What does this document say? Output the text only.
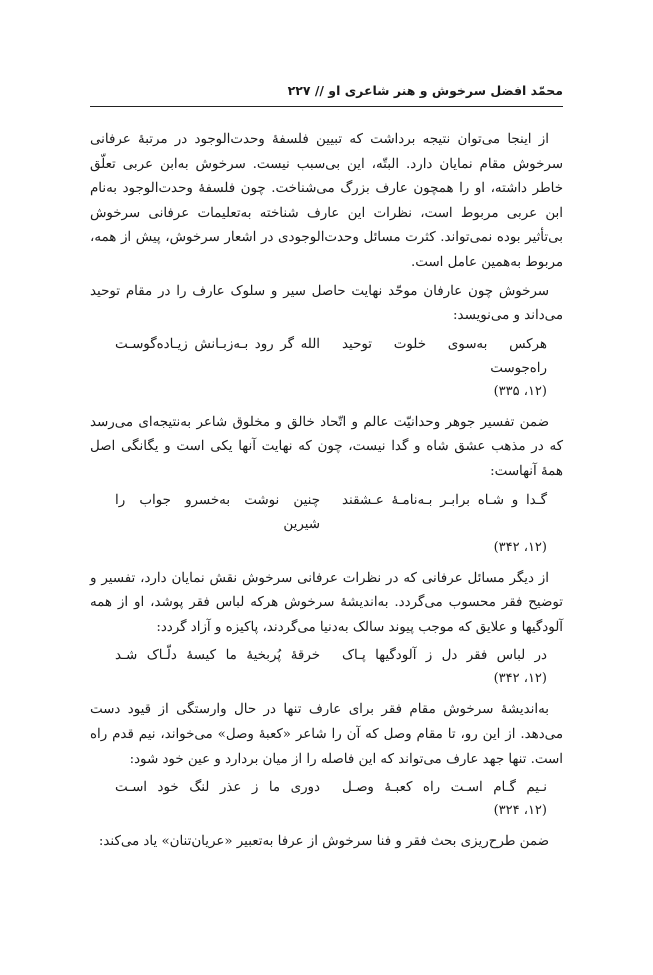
محمّد افضل سرخوش و هنر شاعری او // ۲۲۷

از اینجا می‌توان نتیجه برداشت که تبیین فلسفهٔ وحدت‌الوجود در مرتبهٔ عرفانی سرخوش مقام نمایان دارد. البتّه، این بی‌سبب نیست. سرخوش به‌ابن عربی تعلّق خاطر داشته، او را همچون عارف بزرگ می‌شناخت. چون فلسفهٔ وحدت‌الوجود به‌نام ابن عربی مربوط است، نظرات این عارف شناخته به‌تعلیمات عرفانی سرخوش بی‌تأثیر بوده نمی‌تواند. کثرت مسائل وحدت‌الوجودی در اشعار سرخوش، پیش از همه، مربوط به‌همین عامل است.

سرخوش چون عارفان موحّد نهایت حاصل سیر و سلوک عارف را در مقام توحید می‌داند و می‌نویسد:

هرکس به‌سوی خلوت توحید راه‌جوست
الله گر رود بـه‌زبـانش زیـاده‌گوسـت
(۱۲، ۳۳۵)

ضمن تفسیر جوهر وحدانیّت عالم و اتّحاد خالق و مخلوق شاعر به‌نتیجه‌ای می‌رسد که در مذهب عشق شاه و گدا نیست، چون که نهایت آنها یکی است و یگانگی اصل همهٔ آنهاست:

گـدا و شـاه برابـر بـه‌نامـهٔ عـشقند
چنین نوشت به‌خسرو جواب را شیرین
(۱۲، ۳۴۲)

از دیگر مسائل عرفانی که در نظرات عرفانی سرخوش نقش نمایان دارد، تفسیر و توضیح فقر محسوب می‌گردد. به‌اندیشهٔ سرخوش هرکه لباس فقر پوشد، او از همه آلودگیها و علایق که موجب پیوند سالک به‌دنیا می‌گردند، پاکیزه و آزاد گردد:

در لباس فقر دل ز آلودگیها پـاک
خرقهٔ پُربخیهٔ ما کیسهٔ دلّـاک شـد
(۱۲، ۳۴۲)

به‌اندیشهٔ سرخوش مقام فقر برای عارف تنها در حال وارستگی از قیود دست می‌دهد. از این رو، تا مقام وصل که آن را شاعر «کعبهٔ وصل» می‌خواند، نیم قدم راه است. تنها جهد عارف می‌تواند که این فاصله را از میان بردارد و عین خود شود:

نـیم گـام اسـت راه کعبـهٔ وصـل
دوری ما ز عذر لنگ خود اسـت
(۱۲، ۳۲۴)

ضمن طرح‌ریزی بحث فقر و فنا سرخوش از عرفا به‌تعبیر «عریان‌تنان» یاد می‌کند:
